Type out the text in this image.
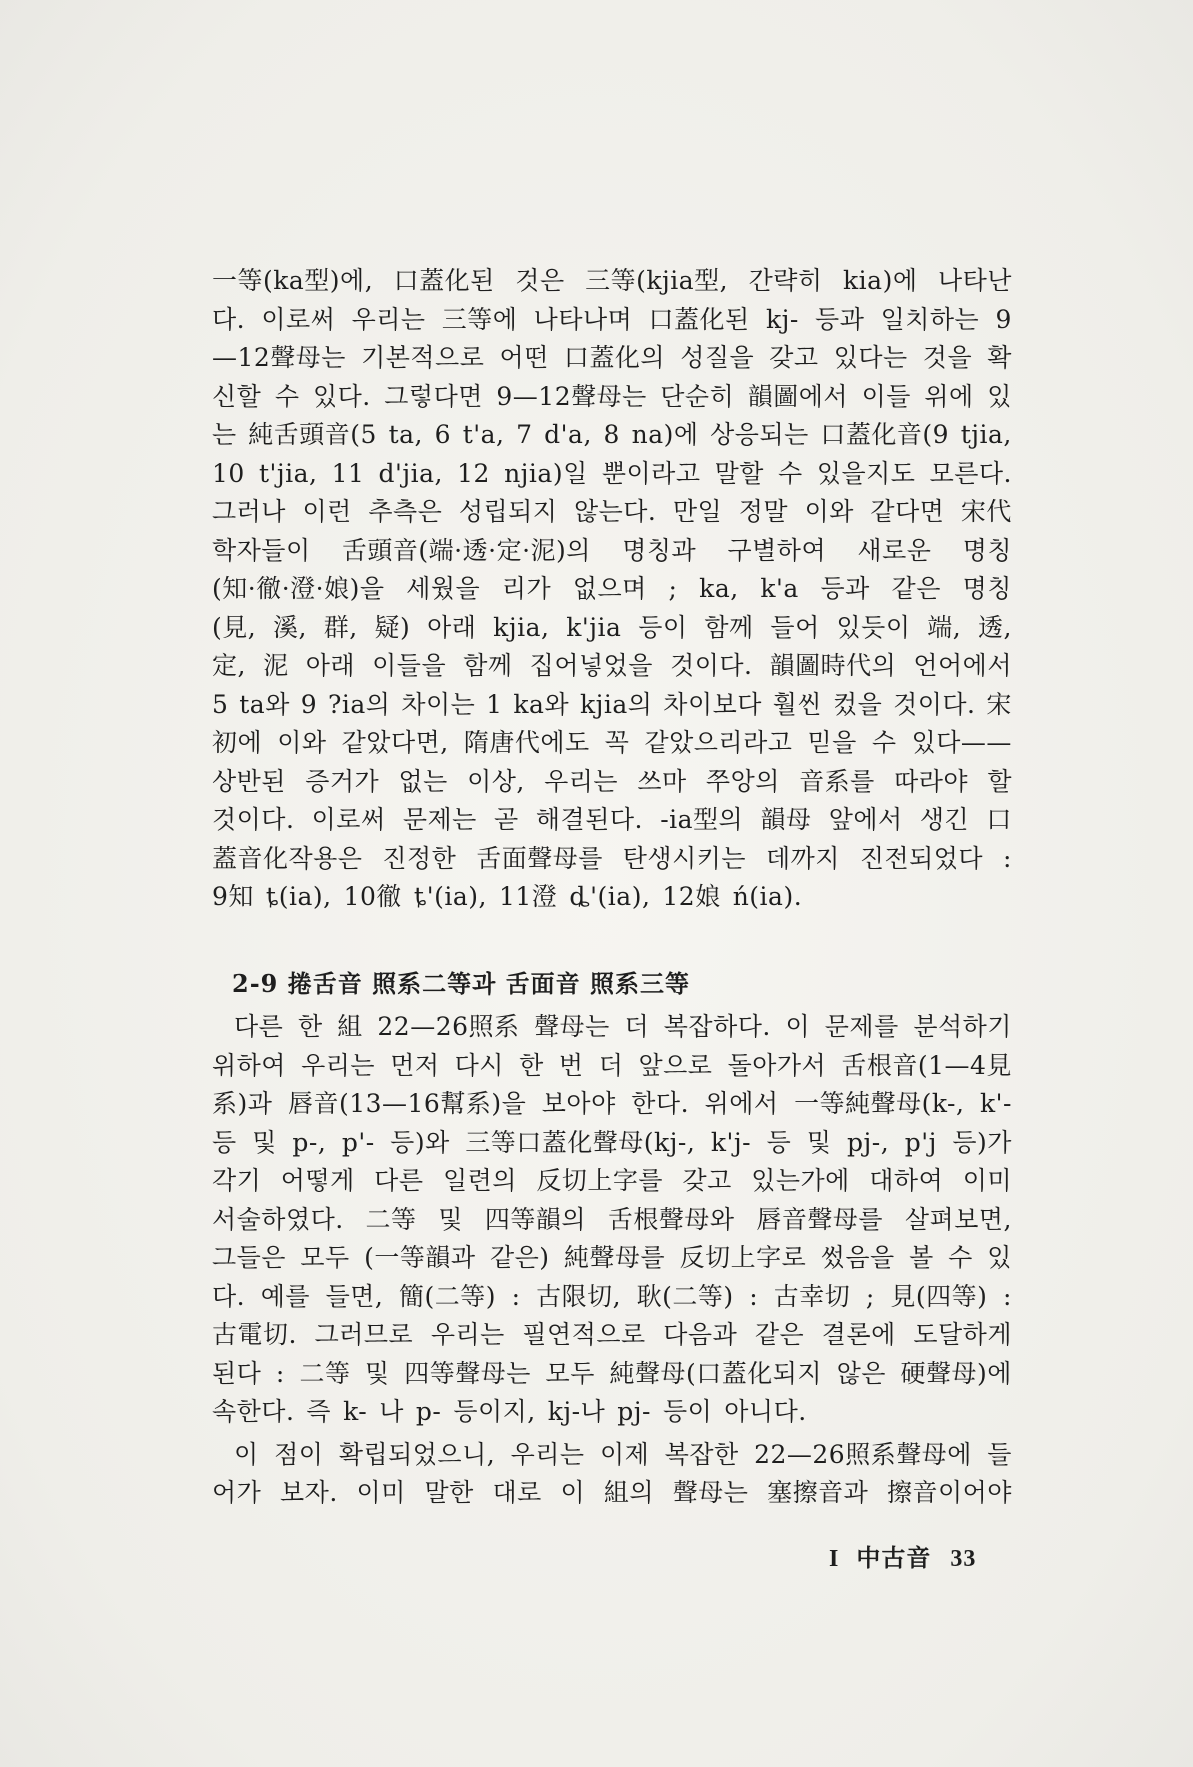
一等(ka型)에, 口蓋化된 것은 三等(kjia型, 간략히 kia)에 나타난
다. 이로써 우리는 三等에 나타나며 口蓋化된 kj- 등과 일치하는 9
—12聲母는 기본적으로 어떤 口蓋化의 성질을 갖고 있다는 것을 확
신할 수 있다. 그렇다면 9—12聲母는 단순히 韻圖에서 이들 위에 있
는 純舌頭音(5 ta, 6 t'a, 7 d'a, 8 na)에 상응되는 口蓋化音(9 tjia,
10 t'jia, 11 d'jia, 12 njia)일 뿐이라고 말할 수 있을지도 모른다.
그러나 이런 추측은 성립되지 않는다. 만일 정말 이와 같다면 宋代
학자들이 舌頭音(端·透·定·泥)의 명칭과 구별하여 새로운 명칭
(知·徹·澄·娘)을 세웠을 리가 없으며 ; ka, k'a 등과 같은 명칭
(見, 溪, 群, 疑) 아래 kjia, k'jia 등이 함께 들어 있듯이 端, 透,
定, 泥 아래 이들을 함께 집어넣었을 것이다. 韻圖時代의 언어에서
5 ta와 9 ?ia의 차이는 1 ka와 kjia의 차이보다 훨씬 컸을 것이다. 宋
初에 이와 같았다면, 隋唐代에도 꼭 같았으리라고 믿을 수 있다——
상반된 증거가 없는 이상, 우리는 쓰마 쭈앙의 音系를 따라야 할
것이다. 이로써 문제는 곧 해결된다. -ia型의 韻母 앞에서 생긴 口
蓋音化작용은 진정한 舌面聲母를 탄생시키는 데까지 진전되었다 :
9知 ȶ(ia), 10徹 ȶ'(ia), 11澄 ȡ'(ia), 12娘 ń(ia).
2-9 捲舌音 照系二等과 舌面音 照系三等
다른 한 組 22—26照系 聲母는 더 복잡하다. 이 문제를 분석하기
위하여 우리는 먼저 다시 한 번 더 앞으로 돌아가서 舌根音(1—4見
系)과 唇音(13—16幫系)을 보아야 한다. 위에서 一等純聲母(k-, k'-
등 및 p-, p'- 등)와 三等口蓋化聲母(kj-, k'j- 등 및 pj-, p'j 등)가
각기 어떻게 다른 일련의 反切上字를 갖고 있는가에 대하여 이미
서술하였다. 二等 및 四等韻의 舌根聲母와 唇音聲母를 살펴보면,
그들은 모두 (一等韻과 같은) 純聲母를 反切上字로 썼음을 볼 수 있
다. 예를 들면, 簡(二等) : 古限切, 耿(二等) : 古幸切 ; 見(四等) :
古電切. 그러므로 우리는 필연적으로 다음과 같은 결론에 도달하게
된다 : 二等 및 四等聲母는 모두 純聲母(口蓋化되지 않은 硬聲母)에
속한다. 즉 k- 나 p- 등이지, kj-나 pj- 등이 아니다.
이 점이 확립되었으니, 우리는 이제 복잡한 22—26照系聲母에 들
어가 보자. 이미 말한 대로 이 組의 聲母는 塞擦音과 擦音이어야
I 中古音 33
